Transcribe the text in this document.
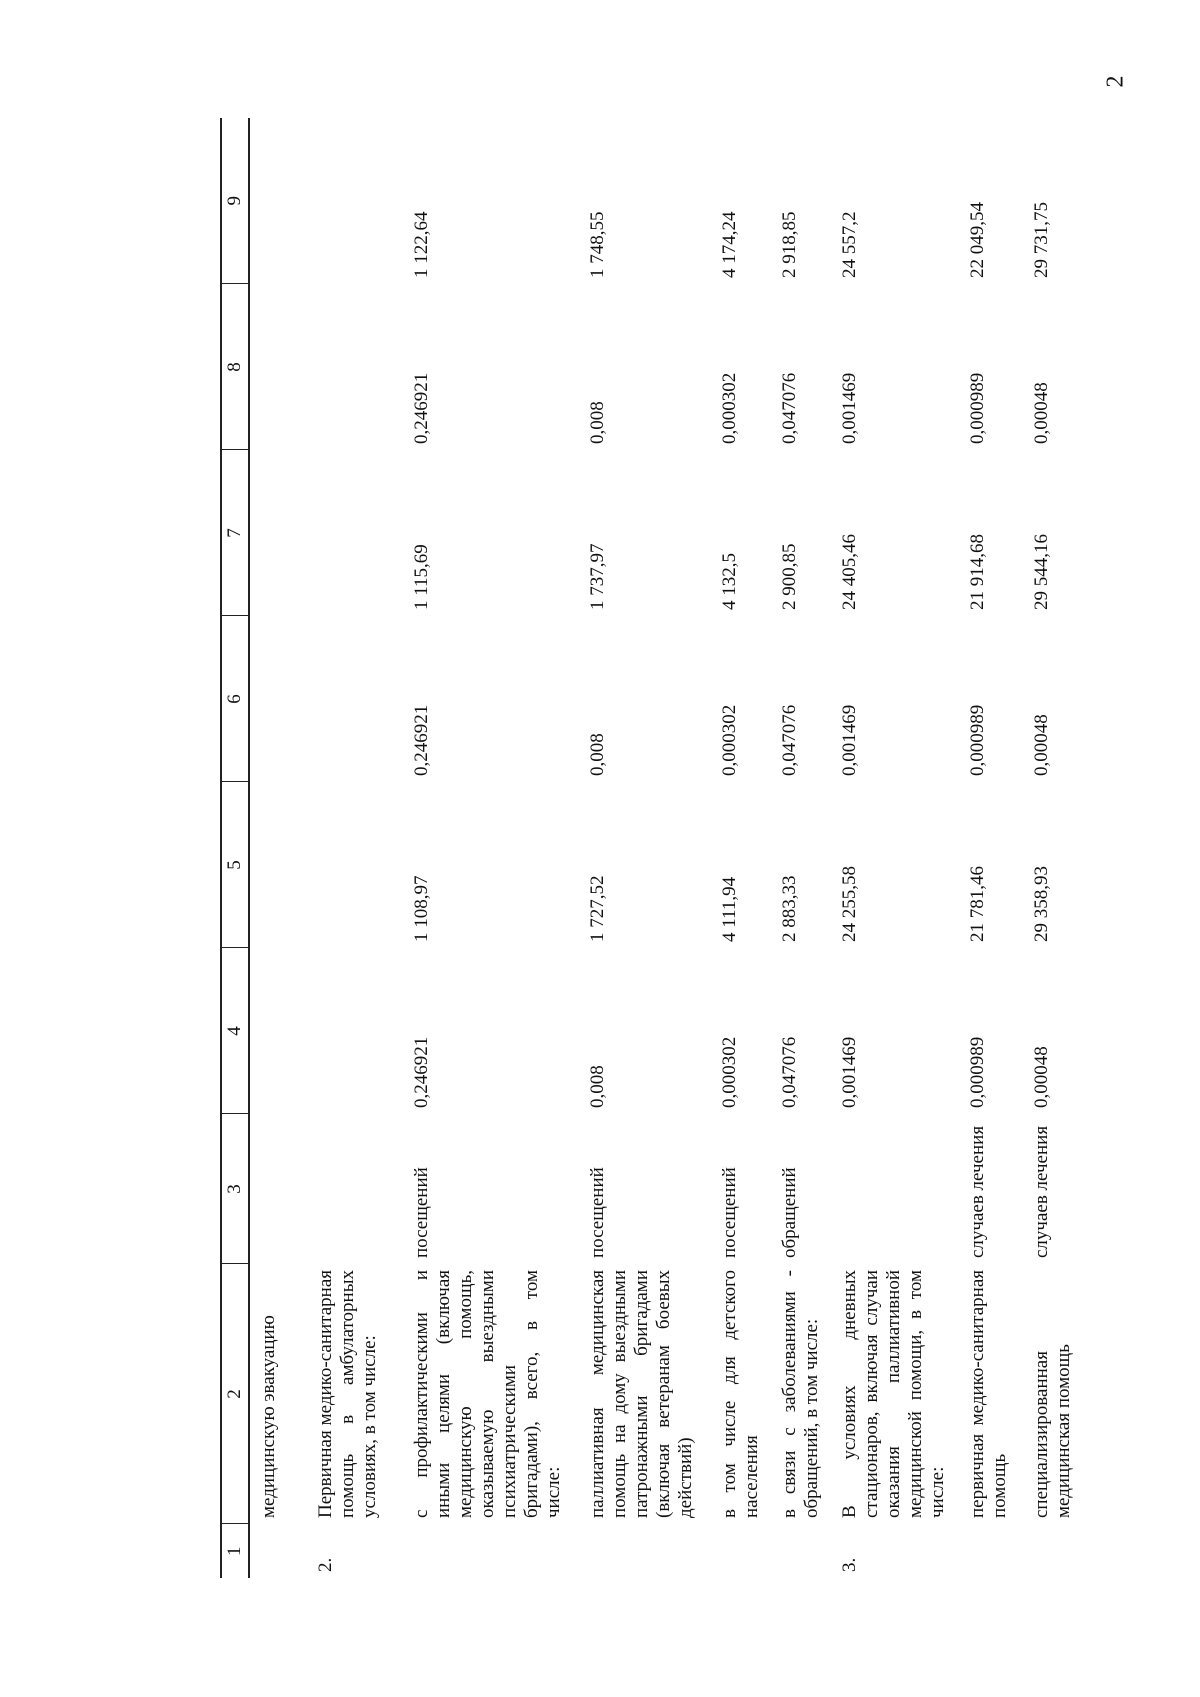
2
1	2	3	4	5	6	7	8	9
	медицинскую эвакуацию							
2.	Первичная медико-санитарная помощь в амбулаторных условиях, в том числе:							
	с профилактическими и иными целями (включая медицинскую помощь, оказываемую выездными психиатрическими бригадами), всего, в том числе:	посещений	0,246921	1 108,97	0,246921	1 115,69	0,246921	1 122,64
	паллиативная медицинская помощь на дому выездными патронажными бригадами (включая ветеранам боевых действий)	посещений	0,008	1 727,52	0,008	1 737,97	0,008	1 748,55
	в том числе для детского населения	посещений	0,000302	4 111,94	0,000302	4 132,5	0,000302	4 174,24
	в связи с заболеваниями - обращений, в том числе:	обращений	0,047076	2 883,33	0,047076	2 900,85	0,047076	2 918,85
3.	В условиях дневных стационаров, включая случаи оказания паллиативной медицинской помощи, в том числе:		0,001469	24 255,58	0,001469	24 405,46	0,001469	24 557,2
	первичная медико-санитарная помощь	случаев лечения	0,000989	21 781,46	0,000989	21 914,68	0,000989	22 049,54
	специализированная медицинская помощь	случаев лечения	0,00048	29 358,93	0,00048	29 544,16	0,00048	29 731,75
